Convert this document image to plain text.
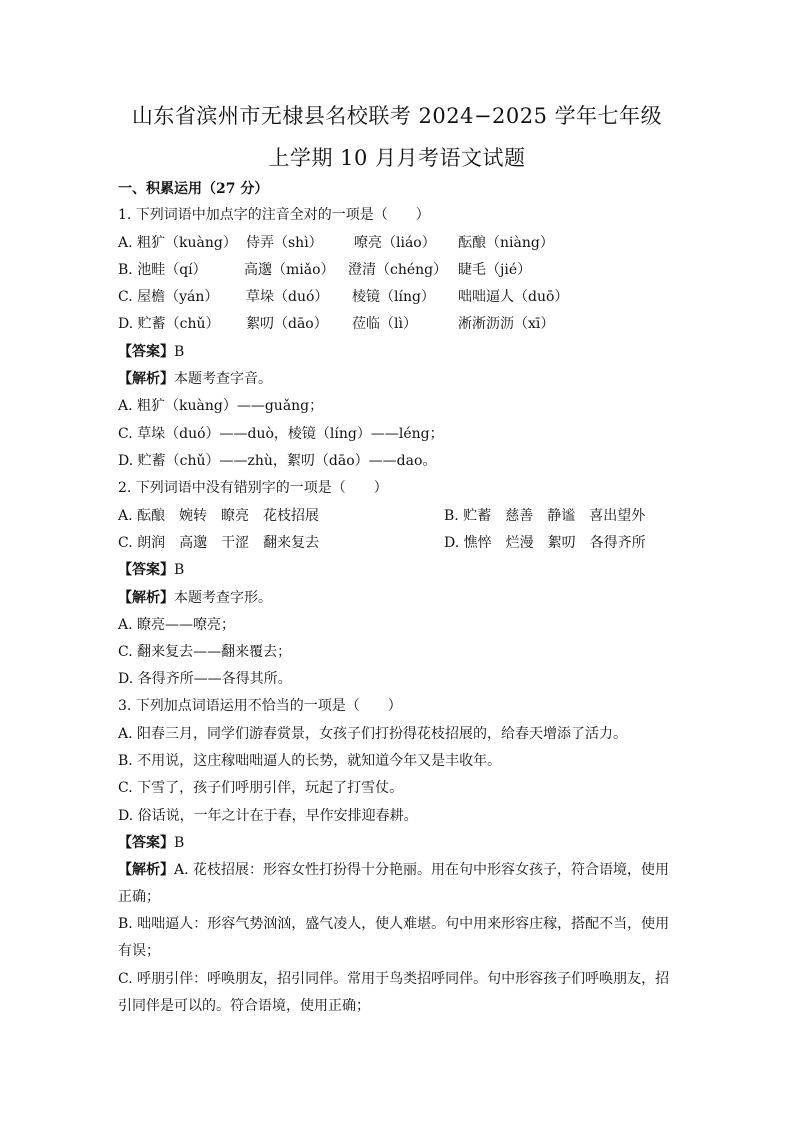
山东省滨州市无棣县名校联考 2024−2025 学年七年级
上学期 10 月月考语文试题
一、积累运用（27 分）
1. 下列词语中加点字的注音全对的一项是（　　）
A. 粗犷（kuàng） 侍弄（shì） 嘹亮（liáo） 酝酿（niàng）
B. 池畦（qí）	高邈（miǎo） 澄清（chéng） 睫毛（jié）
C. 屋檐（yán） 草垛（duó） 棱镜（líng） 咄咄逼人（duō）
D. 贮蓄（chǔ） 絮叨（dāo） 莅临（lì）	淅淅沥沥（xī）
【答案】B
【解析】本题考查字音。
A. 粗犷（kuàng）——guǎng；
C. 草垛（duó）——duò，棱镜（líng）——léng；
D. 贮蓄（chǔ）——zhù，絮叨（dāo）——dao。
2. 下列词语中没有错别字的一项是（　　）
A. 酝酿　婉转　瞭亮　花枝招展	B. 贮蓄　慈善　静谧　喜出望外
C. 朗润　高邈　干涩　翻来复去	D. 憔悴　烂漫　絮叨　各得齐所
【答案】B
【解析】本题考查字形。
A. 瞭亮——嘹亮；
C. 翻来复去——翻来覆去；
D. 各得齐所——各得其所。
3. 下列加点词语运用不恰当的一项是（　　）
A. 阳春三月，同学们游春赏景，女孩子们打扮得花枝招展的，给春天增添了活力。
B. 不用说，这庄稼咄咄逼人的长势，就知道今年又是丰收年。
C. 下雪了，孩子们呼朋引伴，玩起了打雪仗。
D. 俗话说，一年之计在于春，早作安排迎春耕。
【答案】B
【解析】A. 花枝招展：形容女性打扮得十分艳丽。用在句中形容女孩子，符合语境，使用
正确；
B. 咄咄逼人：形容气势汹汹，盛气凌人，使人难堪。句中用来形容庄稼，搭配不当，使用
有误；
C. 呼朋引伴：呼唤朋友，招引同伴。常用于鸟类招呼同伴。句中形容孩子们呼唤朋友，招
引同伴是可以的。符合语境，使用正确；
